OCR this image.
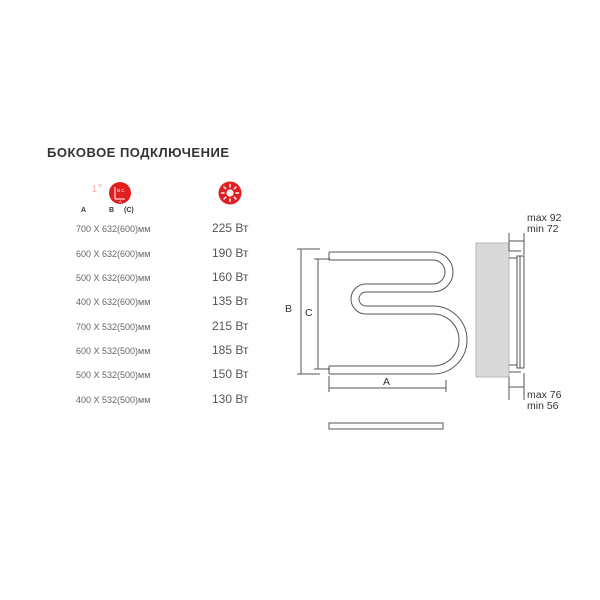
БОКОВОЕ ПОДКЛЮЧЕНИЕ
1 st
B C
A
A	B (C)
700 X 632(600)мм	225 Вт
600 X 632(600)мм	190 Вт
500 X 632(600)мм	160 Вт
400 X 632(600)мм	135 Вт
700 X 532(500)мм	215 Вт
600 X 532(500)мм	185 Вт
500 X 532(500)мм	150 Вт
400 X 532(500)мм	130 Вт
B C
A
max 92
min 72
max 76
min 56
